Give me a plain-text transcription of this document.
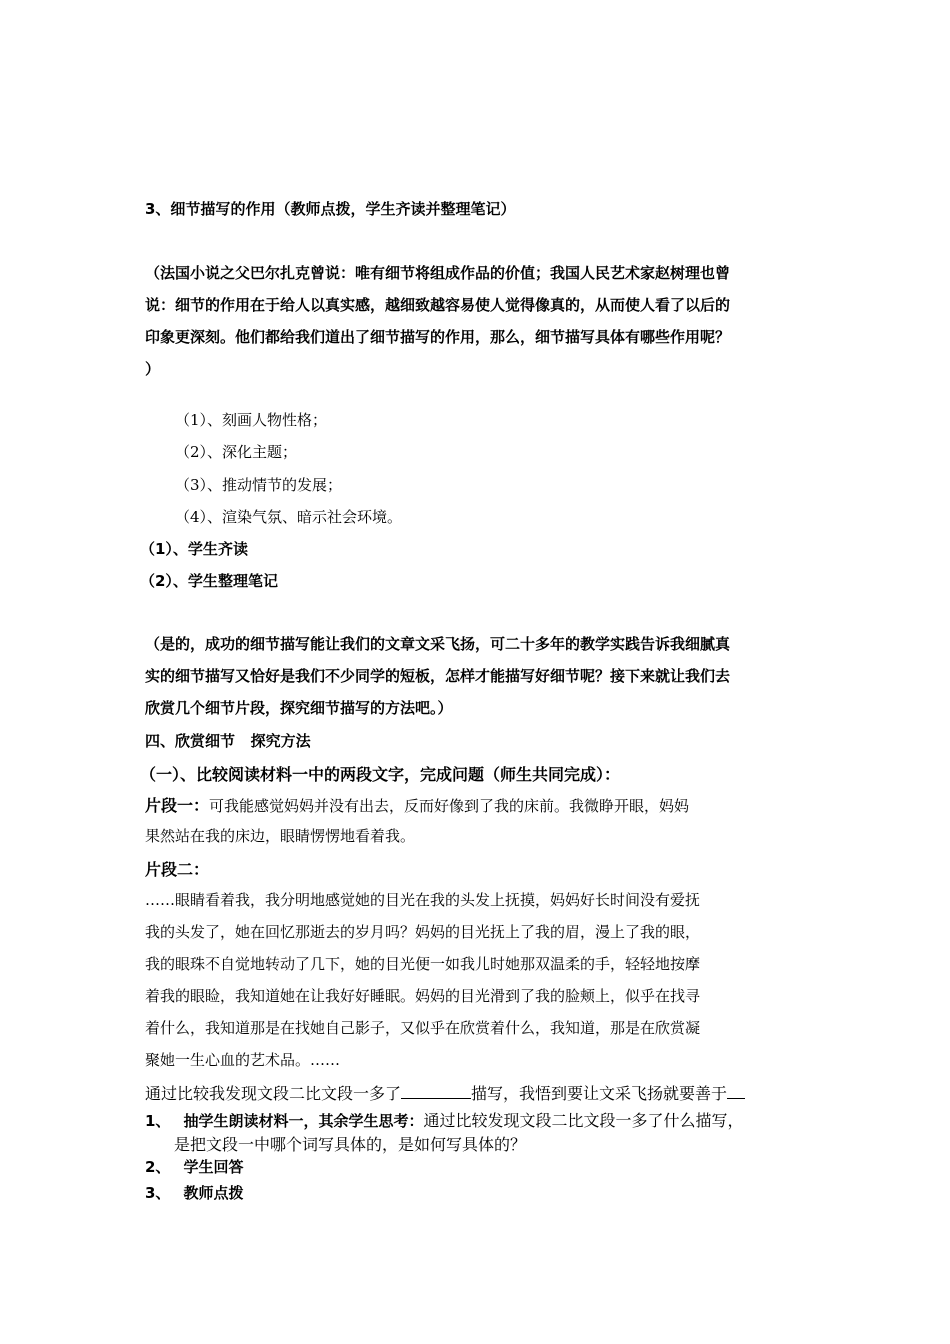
3、细节描写的作用（教师点拨，学生齐读并整理笔记）
（法国小说之父巴尔扎克曾说：唯有细节将组成作品的价值；我国人民艺术家赵树理也曾
说：细节的作用在于给人以真实感，越细致越容易使人觉得像真的，从而使人看了以后的
印象更深刻。他们都给我们道出了细节描写的作用，那么，细节描写具体有哪些作用呢？
）
（1）、刻画人物性格；
（2）、深化主题；
（3）、推动情节的发展；
（4）、渲染气氛、暗示社会环境。
（1）、学生齐读
（2）、学生整理笔记
（是的，成功的细节描写能让我们的文章文采飞扬，可二十多年的教学实践告诉我细腻真
实的细节描写又恰好是我们不少同学的短板，怎样才能描写好细节呢？接下来就让我们去
欣赏几个细节片段，探究细节描写的方法吧。）
四、欣赏细节   探究方法
（一）、比较阅读材料一中的两段文字，完成问题（师生共同完成）：
片段一：可我能感觉妈妈并没有出去，反而好像到了我的床前。我微睁开眼，妈妈
果然站在我的床边，眼睛愣愣地看着我。
片段二：
……眼睛看着我，我分明地感觉她的目光在我的头发上抚摸，妈妈好长时间没有爱抚
我的头发了，她在回忆那逝去的岁月吗？妈妈的目光抚上了我的眉，漫上了我的眼，
我的眼珠不自觉地转动了几下，她的目光便一如我儿时她那双温柔的手，轻轻地按摩
着我的眼睑，我知道她在让我好好睡眠。妈妈的目光滑到了我的脸颊上，似乎在找寻
着什么，我知道那是在找她自己影子，又似乎在欣赏着什么，我知道，那是在欣赏凝
聚她一生心血的艺术品。……
通过比较我发现文段二比文段一多了	描写，我悟到要让文采飞扬就要善于
1、 抽学生朗读材料一，其余学生思考：通过比较发现文段二比文段一多了什么描写，
是把文段一中哪个词写具体的，是如何写具体的？
2、 学生回答
3、 教师点拨
